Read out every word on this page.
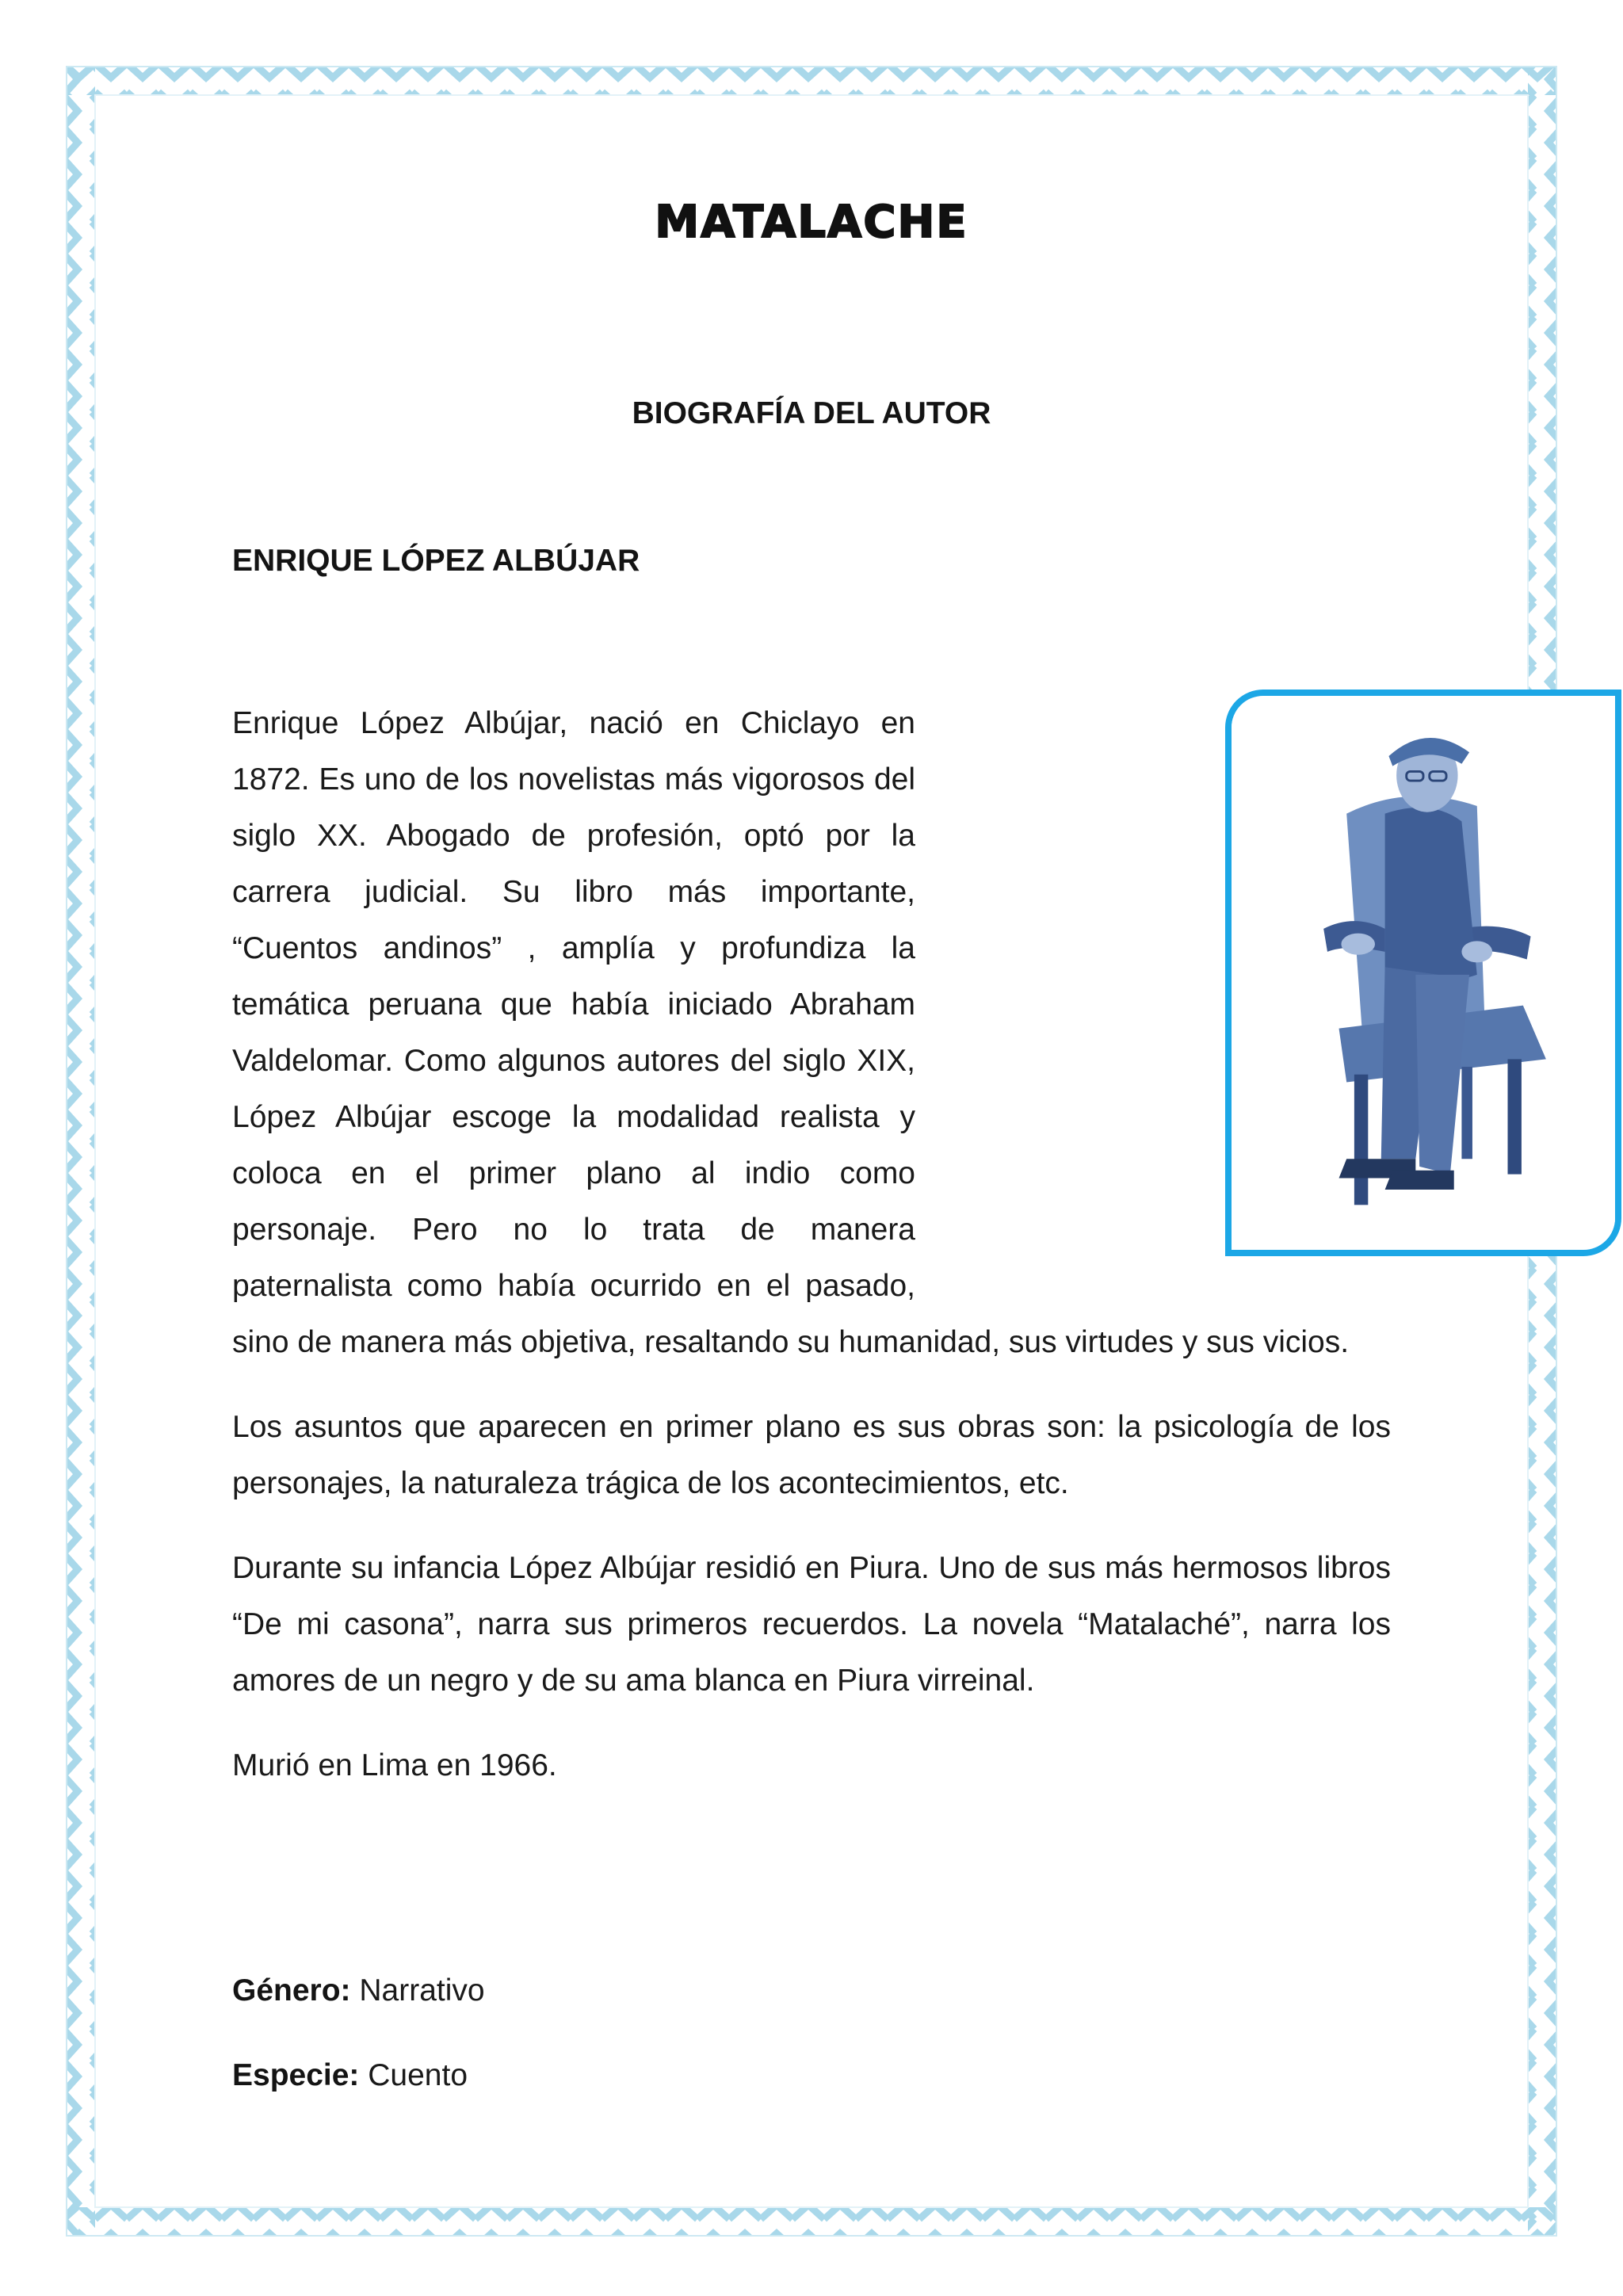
MATALACHE
BIOGRAFÍA DEL AUTOR
ENRIQUE LÓPEZ ALBÚJAR

Enrique López Albújar, nació en Chiclayo en 1872. Es uno de los novelistas más vigorosos del siglo XX. Abogado de profesión, optó por la carrera judicial. Su libro más importante, “Cuentos andinos” , amplía y profundiza la temática peruana que había iniciado Abraham Valdelomar. Como algunos autores del siglo XIX, López Albújar escoge la modalidad realista y coloca en el primer plano al indio como personaje. Pero no lo trata de manera paternalista como había ocurrido en el pasado, sino de manera más objetiva, resaltando su humanidad, sus virtudes y sus vicios.

Los asuntos que aparecen en primer plano es sus obras son: la psicología de los personajes, la naturaleza trágica de los acontecimientos, etc.

Durante su infancia López Albújar residió en Piura. Uno de sus más hermosos libros “De mi casona”, narra sus primeros recuerdos. La novela “Matalaché”, narra los amores de un negro y de su ama blanca en Piura virreinal.

Murió en Lima en 1966.

Género: Narrativo
Especie: Cuento
